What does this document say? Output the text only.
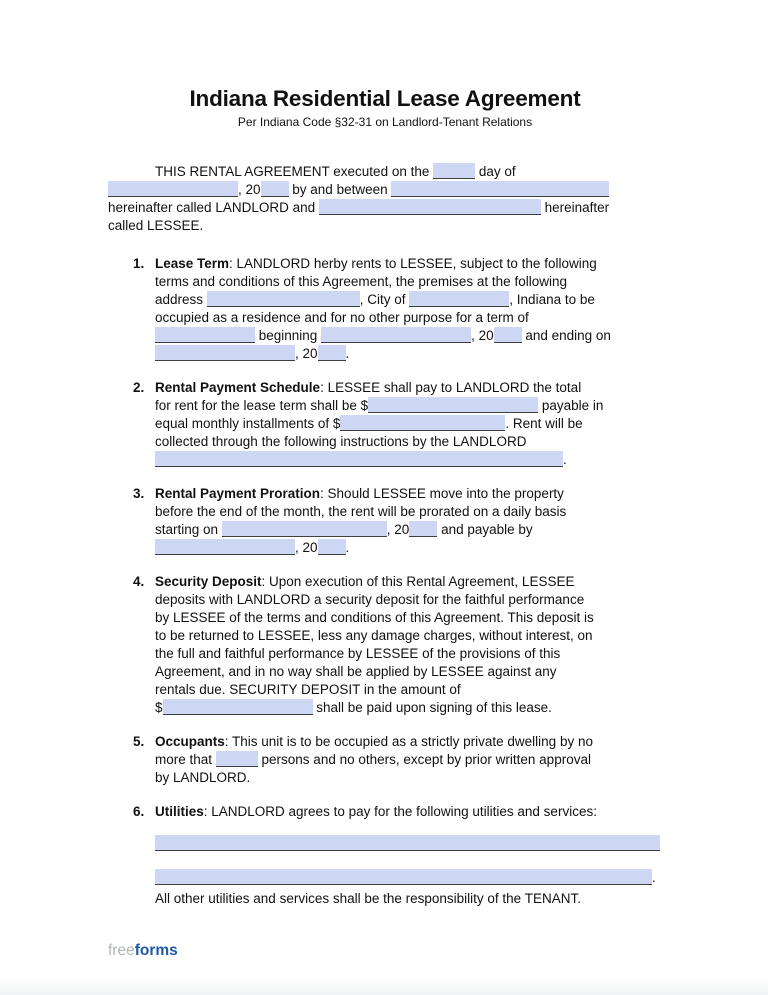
Indiana Residential Lease Agreement
Per Indiana Code §32-31 on Landlord-Tenant Relations
THIS RENTAL AGREEMENT executed on the	day of
, 20 by and between
hereinafter called LANDLORD and	hereinafter
called LESSEE.
1. Lease Term: LANDLORD herby rents to LESSEE, subject to the following
terms and conditions of this Agreement, the premises at the following
address	, City of	, Indiana to be
occupied as a residence and for no other purpose for a term of
beginning	, 20 and ending on
, 20 .
2. Rental Payment Schedule: LESSEE shall pay to LANDLORD the total
for rent for the lease term shall be $	payable in
equal monthly installments of $	. Rent will be
collected through the following instructions by the LANDLORD
.
3. Rental Payment Proration: Should LESSEE move into the property
before the end of the month, the rent will be prorated on a daily basis
starting on	, 20 and payable by
, 20 .
4. Security Deposit: Upon execution of this Rental Agreement, LESSEE
deposits with LANDLORD a security deposit for the faithful performance
by LESSEE of the terms and conditions of this Agreement. This deposit is
to be returned to LESSEE, less any damage charges, without interest, on
the full and faithful performance by LESSEE of the provisions of this
Agreement, and in no way shall be applied by LESSEE against any
rentals due. SECURITY DEPOSIT in the amount of
$	shall be paid upon signing of this lease.
5. Occupants: This unit is to be occupied as a strictly private dwelling by no
more that	persons and no others, except by prior written approval
by LANDLORD.
6. Utilities: LANDLORD agrees to pay for the following utilities and services:
.
All other utilities and services shall be the responsibility of the TENANT.
freeforms
